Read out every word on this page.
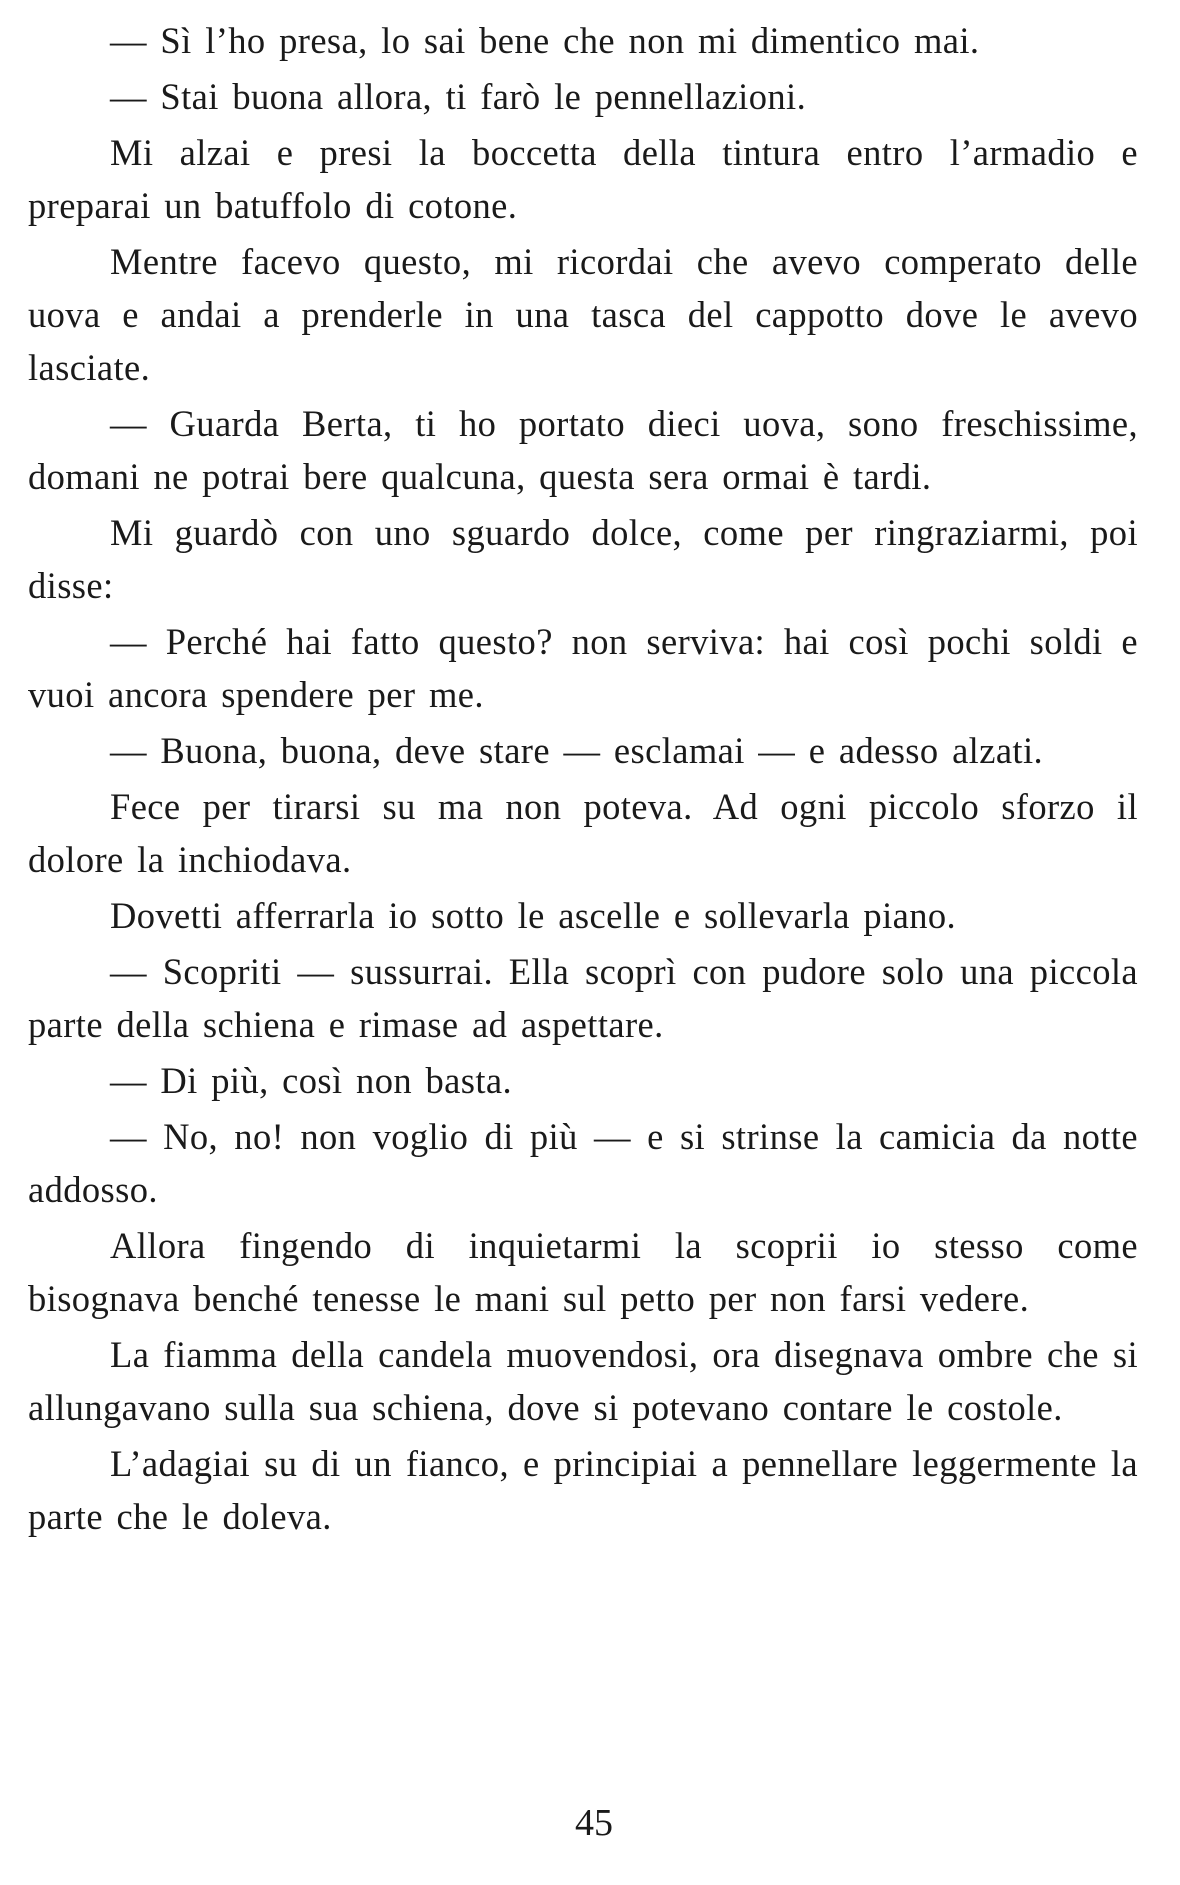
— Sì l’ho presa, lo sai bene che non mi dimentico mai.

— Stai buona allora, ti farò le pennellazioni.

Mi alzai e presi la boccetta della tintura entro l’armadio e preparai un batuffolo di cotone.

Mentre facevo questo, mi ricordai che avevo comperato delle uova e andai a prenderle in una tasca del cappotto dove le avevo lasciate.

— Guarda Berta, ti ho portato dieci uova, sono freschissime, domani ne potrai bere qualcuna, questa sera ormai è tardi.

Mi guardò con uno sguardo dolce, come per ringraziarmi, poi disse:

— Perché hai fatto questo? non serviva: hai così pochi soldi e vuoi ancora spendere per me.

— Buona, buona, deve stare — esclamai — e adesso alzati.

Fece per tirarsi su ma non poteva. Ad ogni piccolo sforzo il dolore la inchiodava.

Dovetti afferrarla io sotto le ascelle e sollevarla piano.

— Scopriti — sussurrai. Ella scoprì con pudore solo una piccola parte della schiena e rimase ad aspettare.

— Di più, così non basta.

— No, no! non voglio di più — e si strinse la camicia da notte addosso.

Allora fingendo di inquietarmi la scoprii io stesso come bisognava benché tenesse le mani sul petto per non farsi vedere.

La fiamma della candela muovendosi, ora disegnava ombre che si allungavano sulla sua schiena, dove si potevano contare le costole.

L’adagiai su di un fianco, e principiai a pennellare leggermente la parte che le doleva.

45
